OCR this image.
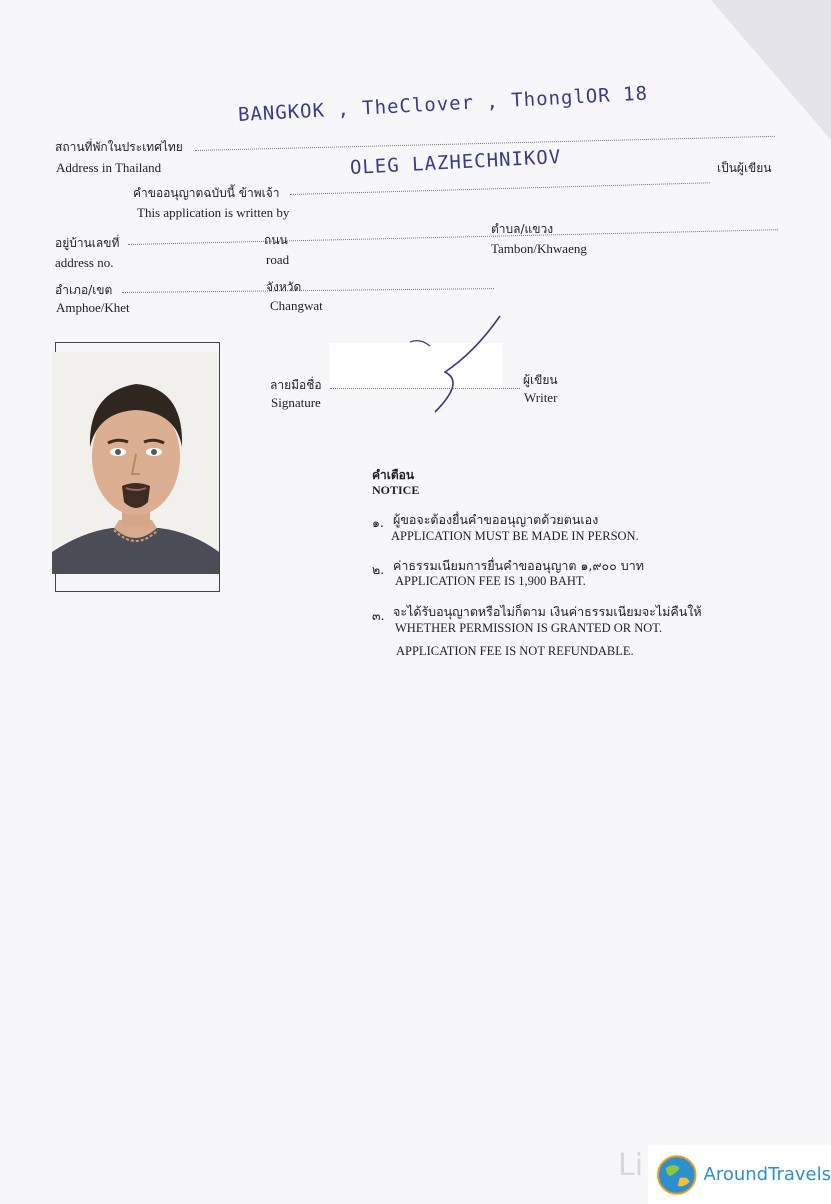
สถานที่พักในประเทศไทย
Address in Thailand
BANGKOK , TheClover , ThonglOR 18
คำขออนุญาตฉบับนี้ ข้าพเจ้า
เป็นผู้เขียน
This application is written by
OLEG LAZHECHNIKOV
อยู่บ้านเลขที่
address no.
ถนน
road
ตำบล/แขวง
Tambon/Khwaeng
อำเภอ/เขต
Amphoe/Khet
จังหวัด
Changwat
ลายมือชื่อ
Signature
ผู้เขียน
Writer
คำเตือน
NOTICE
๑. ผู้ขอจะต้องยื่นคำขออนุญาตด้วยตนเอง
APPLICATION MUST BE MADE IN PERSON.
๒. ค่าธรรมเนียมการยื่นคำขออนุญาต ๑,๙๐๐ บาท
APPLICATION FEE IS 1,900 BAHT.
๓. จะได้รับอนุญาตหรือไม่ก็ตาม เงินค่าธรรมเนียมจะไม่คืนให้
WHETHER PERMISSION IS GRANTED OR NOT.
APPLICATION FEE IS NOT REFUNDABLE.
Li	AroundTravels
